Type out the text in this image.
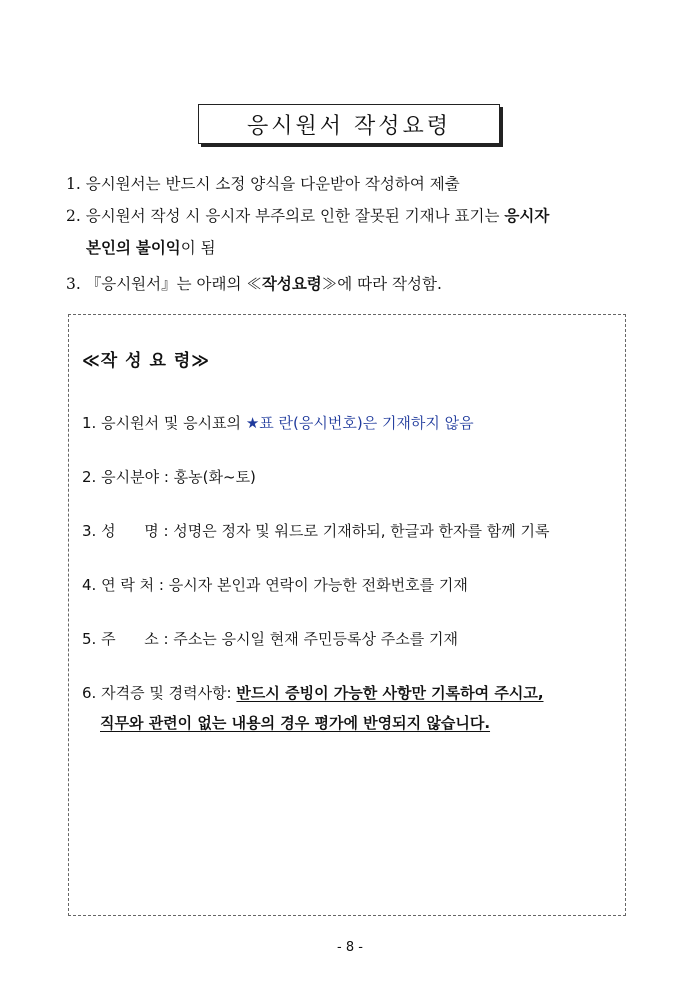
응시원서 작성요령
1. 응시원서는 반드시 소정 양식을 다운받아 작성하여 제출
2. 응시원서 작성 시 응시자 부주의로 인한 잘못된 기재나 표기는 응시자
본인의 불이익이 됨
3. 『응시원서』는 아래의 ≪작성요령≫에 따라 작성함.
≪작 성 요 령≫
1. 응시원서 및 응시표의 ★표 란(응시번호)은 기재하지 않음
2. 응시분야 : 홍농(화~토)
3. 성      명 : 성명은 정자 및 워드로 기재하되, 한글과 한자를 함께 기록
4. 연 락 처 : 응시자 본인과 연락이 가능한 전화번호를 기재
5. 주      소 : 주소는 응시일 현재 주민등록상 주소를 기재
6. 자격증 및 경력사항: 반드시 증빙이 가능한 사항만 기록하여 주시고,
직무와 관련이 없는 내용의 경우 평가에 반영되지 않습니다.
- 8 -
